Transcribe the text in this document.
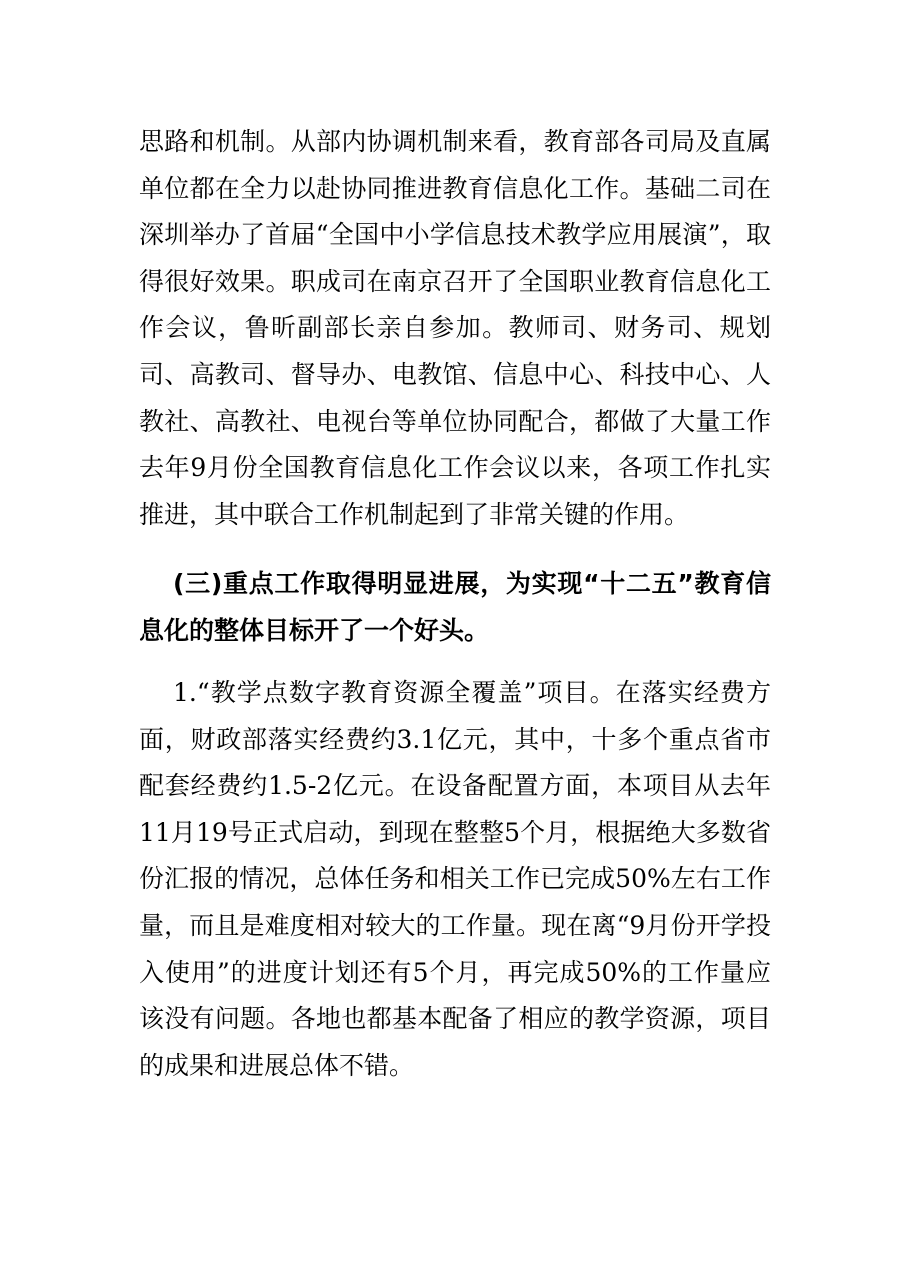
思路和机制。从部内协调机制来看，教育部各司局及直属单位都在全力以赴协同推进教育信息化工作。基础二司在深圳举办了首届“全国中小学信息技术教学应用展演”，取得很好效果。职成司在南京召开了全国职业教育信息化工作会议，鲁昕副部长亲自参加。教师司、财务司、规划司、高教司、督导办、电教馆、信息中心、科技中心、人教社、高教社、电视台等单位协同配合，都做了大量工作去年9月份全国教育信息化工作会议以来，各项工作扎实推进，其中联合工作机制起到了非常关键的作用。

(三)重点工作取得明显进展，为实现“十二五”教育信息化的整体目标开了一个好头。

1.“教学点数字教育资源全覆盖”项目。在落实经费方面，财政部落实经费约3.1亿元，其中，十多个重点省市配套经费约1.5-2亿元。在设备配置方面，本项目从去年11月19号正式启动，到现在整整5个月，根据绝大多数省份汇报的情况，总体任务和相关工作已完成50%左右工作量，而且是难度相对较大的工作量。现在离“9月份开学投入使用”的进度计划还有5个月，再完成50%的工作量应该没有问题。各地也都基本配备了相应的教学资源，项目的成果和进展总体不错。
